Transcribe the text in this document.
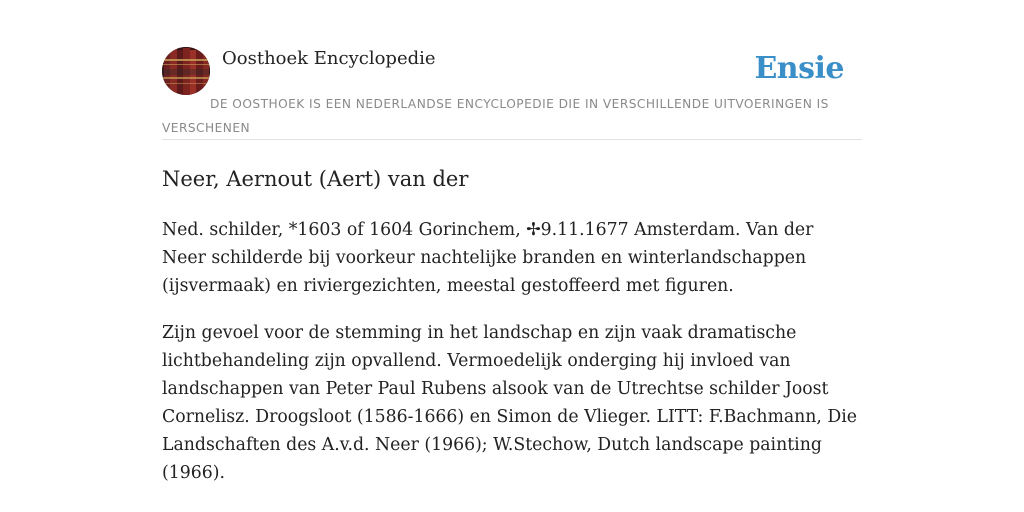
Oosthoek Encyclopedie	Ensie
DE OOSTHOEK IS EEN NEDERLANDSE ENCYCLOPEDIE DIE IN VERSCHILLENDE UITVOERINGEN IS VERSCHENEN
Neer, Aernout (Aert) van der

Ned. schilder, *1603 of 1604 Gorinchem, ✢9.11.1677 Amsterdam. Van der Neer schilderde bij voorkeur nachtelijke branden en winterlandschappen (ijsvermaak) en riviergezichten, meestal gestoffeerd met figuren.

Zijn gevoel voor de stemming in het landschap en zijn vaak dramatische lichtbehandeling zijn opvallend. Vermoedelijk onderging hij invloed van landschappen van Peter Paul Rubens alsook van de Utrechtse schilder Joost Cornelisz. Droogsloot (1586-1666) en Simon de Vlieger. LITT: F.Bachmann, Die Landschaften des A.v.d. Neer (1966); W.Stechow, Dutch landscape painting (1966).
